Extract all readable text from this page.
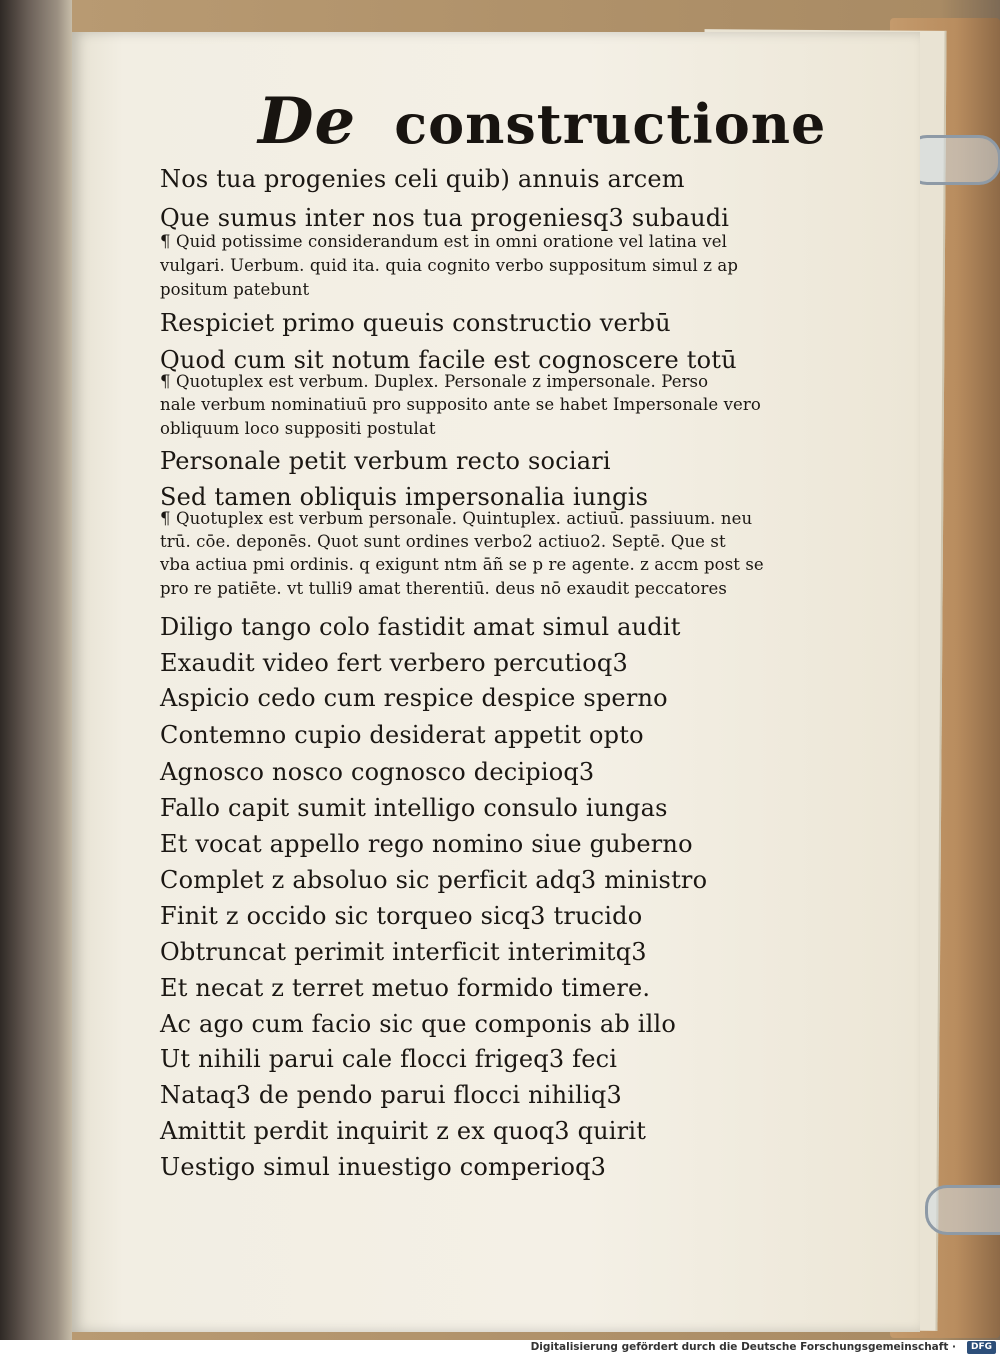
De constructione
Nos tua progenies celi quib) annuis arcem
Que sumus inter nos tua progeniesq3 subaudi
¶ Quid potissime considerandum est in omni oratione vel latina vel
vulgari. Uerbum. quid ita. quia cognito verbo suppositum simul z ap
positum patebunt
Respiciet primo queuis constructio verbū
Quod cum sit notum facile est cognoscere totū
¶ Quotuplex est verbum. Duplex. Personale z impersonale. Perso
nale verbum nominatiuū pro supposito ante se habet Impersonale vero
obliquum loco suppositi postulat
Personale petit verbum recto sociari
Sed tamen obliquis impersonalia iungis
¶ Quotuplex est verbum personale. Quintuplex. actiuū. passiuum. neu
trū. cōe. deponēs. Quot sunt ordines verbo2 actiuo2. Septē. Que st
vba actiua pmi ordinis. q exigunt ntm āñ se p re agente. z accm post se
pro re patiēte. vt tulli9 amat therentiū. deus nō exaudit peccatores
Diligo tango colo fastidit amat simul audit
Exaudit video fert verbero percutioq3
Aspicio cedo cum respice despice sperno
Contemno cupio desiderat appetit opto
Agnosco nosco cognosco decipioq3
Fallo capit sumit intelligo consulo iungas
Et vocat appello rego nomino siue guberno
Complet z absoluo sic perficit adq3 ministro
Finit z occido sic torqueo sicq3 trucido
Obtruncat perimit interficit interimitq3
Et necat z terret metuo formido timere.
Ac ago cum facio sic que componis ab illo
Ut nihili parui cale flocci frigeq3 feci
Nataq3 de pendo parui flocci nihiliq3
Amittit perdit inquirit z ex quoq3 quirit
Uestigo simul inuestigo comperioq3
Digitalisierung gefördert durch die Deutsche Forschungsgemeinschaft ·	DFG
